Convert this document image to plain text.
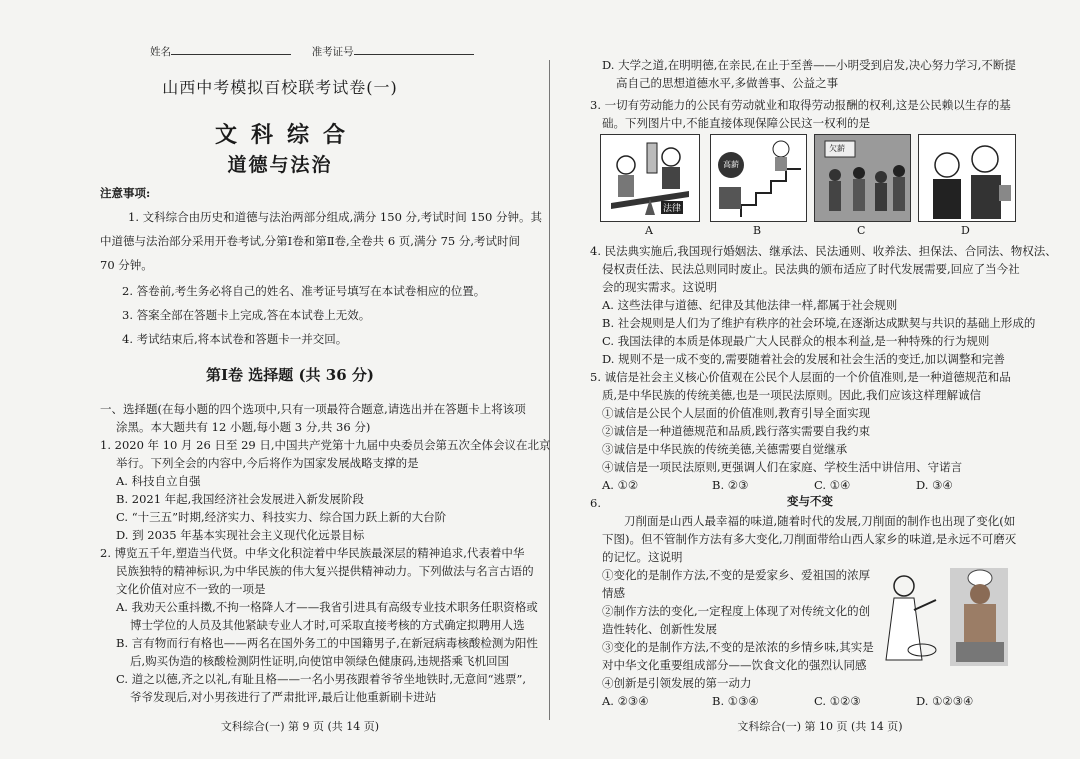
姓名	准考证号
山西中考模拟百校联考试卷(一)
文科综合
道德与法治
注意事项:
1. 文科综合由历史和道德与法治两部分组成,满分 150 分,考试时间 150 分钟。其
中道德与法治部分采用开卷考试,分第Ⅰ卷和第Ⅱ卷,全卷共 6 页,满分 75 分,考试时间
70 分钟。
2. 答卷前,考生务必将自己的姓名、准考证号填写在本试卷相应的位置。
3. 答案全部在答题卡上完成,答在本试卷上无效。
4. 考试结束后,将本试卷和答题卡一并交回。
第Ⅰ卷 选择题 (共 36 分)
一、选择题(在每小题的四个选项中,只有一项最符合题意,请选出并在答题卡上将该项
涂黑。本大题共有 12 小题,每小题 3 分,共 36 分)
1. 2020 年 10 月 26 日至 29 日,中国共产党第十九届中央委员会第五次全体会议在北京
举行。下列全会的内容中,今后将作为国家发展战略支撑的是
A. 科技自立自强
B. 2021 年起,我国经济社会发展进入新发展阶段
C. “十三五”时期,经济实力、科技实力、综合国力跃上新的大台阶
D. 到 2035 年基本实现社会主义现代化远景目标
2. 博览五千年,塑造当代贤。中华文化积淀着中华民族最深层的精神追求,代表着中华
民族独特的精神标识,为中华民族的伟大复兴提供精神动力。下列做法与名言古语的
文化价值对应不一致的一项是
A. 我劝天公重抖擞,不拘一格降人才——我省引进具有高级专业技术职务任职资格或
博士学位的人员及其他紧缺专业人才时,可采取直接考核的方式确定拟聘用人选
B. 言有物而行有格也——两名在国外务工的中国籍男子,在新冠病毒核酸检测为阳性
后,购买伪造的核酸检测阴性证明,向使馆申领绿色健康码,违规搭乘飞机回国
C. 道之以德,齐之以礼,有耻且格——一名小男孩跟着爷爷坐地铁时,无意间“逃票”,
爷爷发现后,对小男孩进行了严肃批评,最后让他重新刷卡进站
文科综合(一) 第 9 页 (共 14 页)
D. 大学之道,在明明德,在亲民,在止于至善——小明受到启发,决心努力学习,不断提
高自己的思想道德水平,多做善事、公益之事
3. 一切有劳动能力的公民有劳动就业和取得劳动报酬的权利,这是公民赖以生存的基
础。下列图片中,不能直接体现保障公民这一权利的是
法律
高薪
欠薪
A	B	C	D
4. 民法典实施后,我国现行婚姻法、继承法、民法通则、收养法、担保法、合同法、物权法、
侵权责任法、民法总则同时废止。民法典的颁布适应了时代发展需要,回应了当今社
会的现实需求。这说明
A. 这些法律与道德、纪律及其他法律一样,都属于社会规则
B. 社会规则是人们为了维护有秩序的社会环境,在逐渐达成默契与共识的基础上形成的
C. 我国法律的本质是体现最广大人民群众的根本利益,是一种特殊的行为规则
D. 规则不是一成不变的,需要随着社会的发展和社会生活的变迁,加以调整和完善
5. 诚信是社会主义核心价值观在公民个人层面的一个价值准则,是一种道德规范和品
质,是中华民族的传统美德,也是一项民法原则。因此,我们应该这样理解诚信
①诚信是公民个人层面的价值准则,教育引导全面实现
②诚信是一种道德规范和品质,践行落实需要自我约束
③诚信是中华民族的传统美德,关德需要自觉继承
④诚信是一项民法原则,更强调人们在家庭、学校生活中讲信用、守诺言
A. ①②	B. ②③	C. ①④	D. ③④
6.	变与不变
刀削面是山西人最幸福的味道,随着时代的发展,刀削面的制作也出现了变化(如
下图)。但不管制作方法有多大变化,刀削面带给山西人家乡的味道,是永远不可磨灭
的记忆。这说明
①变化的是制作方法,不变的是爱家乡、爱祖国的浓厚
情感
②制作方法的变化,一定程度上体现了对传统文化的创
造性转化、创新性发展
③变化的是制作方法,不变的是浓浓的乡情乡味,其实是
对中华文化重要组成部分——饮食文化的强烈认同感
④创新是引领发展的第一动力
A. ②③④	B. ①③④	C. ①②③	D. ①②③④
文科综合(一) 第 10 页 (共 14 页)
